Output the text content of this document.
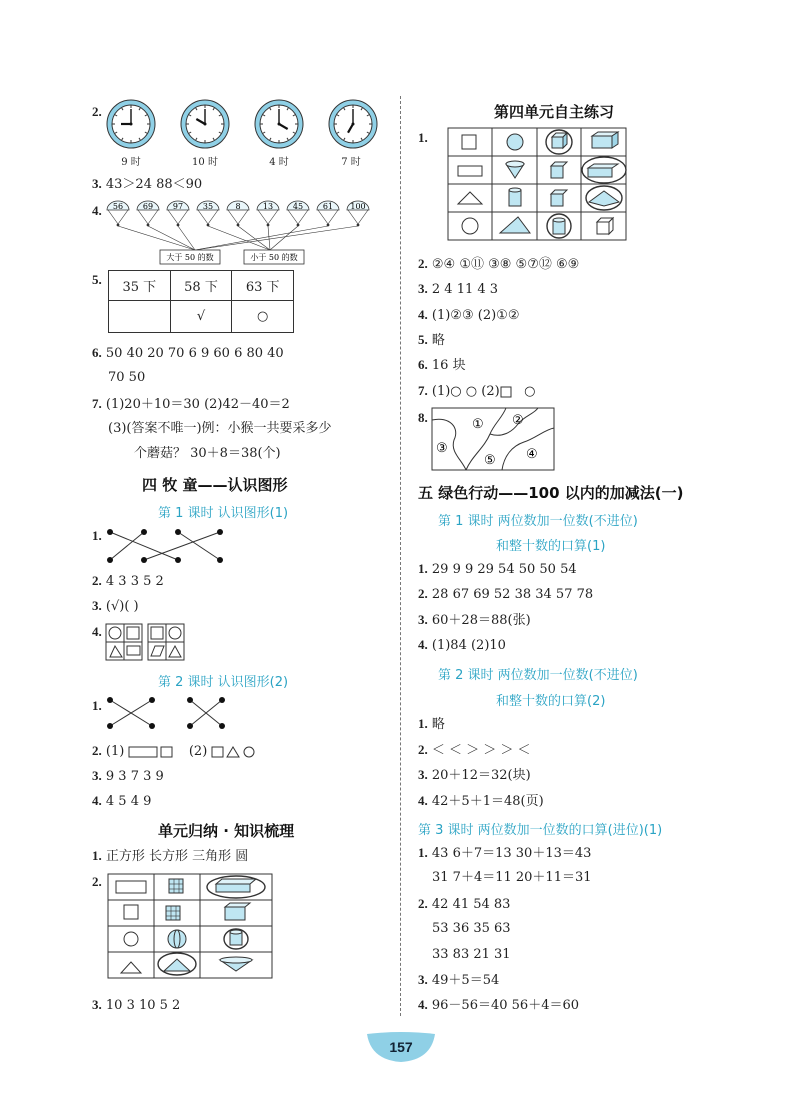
2.
9 时	10 时	4 时	7 时
3. 43＞24 88＜90
4. 56 69 97 35	8	13 45 61 100
大于 50 的数	小于 50 的数
5.
35 下	58 下	63 下
	√	○
6. 50 40 20 70 6 9 60 6 80 40
70 50
7. (1)20＋10＝30 (2)42－40＝2
(3)(答案不唯一)例：小猴一共要采多少
个蘑菇？ 30＋8＝38(个)
四 牧 童——认识图形
第 1 课时 认识图形(1)
1.
2. 4 3 3 5 2
3. (√)( )
4.
第 2 课时 认识图形(2)
1.
2. (1)	(2)
3. 9 3 7 3 9
4. 4 5 4 9
单元归纳 · 知识梳理
1. 正方形 长方形 三角形 圆
2.
3. 10 3 10 5 2
第四单元自主练习
1.
2. ②④ ①⑪ ③⑧ ⑤⑦⑫ ⑥⑨
3. 2 4 11 4 3
4. (1)②③ (2)①②
5. 略
6. 16 块
7. (1)○ ○ (2) ○
8.	① ②
③	④
⑤
五 绿色行动——100 以内的加减法(一)
第 1 课时 两位数加一位数(不进位)
和整十数的口算(1)
1. 29 9 9 29 54 50 50 54
2. 28 67 69 52 38 34 57 78
3. 60＋28＝88(张)
4. (1)84 (2)10
第 2 课时 两位数加一位数(不进位)
和整十数的口算(2)
1. 略
2. ＜ ＜ ＞ ＞ ＞ ＜
3. 20＋12＝32(块)
4. 42＋5＋1＝48(页)
第 3 课时 两位数加一位数的口算(进位)(1)
1. 43 6＋7＝13 30＋13＝43
31 7＋4＝11 20＋11＝31
2. 42 41 54 83
53 36 35 63
33 83 21 31
3. 49＋5＝54
4. 96－56＝40 56＋4＝60
157
